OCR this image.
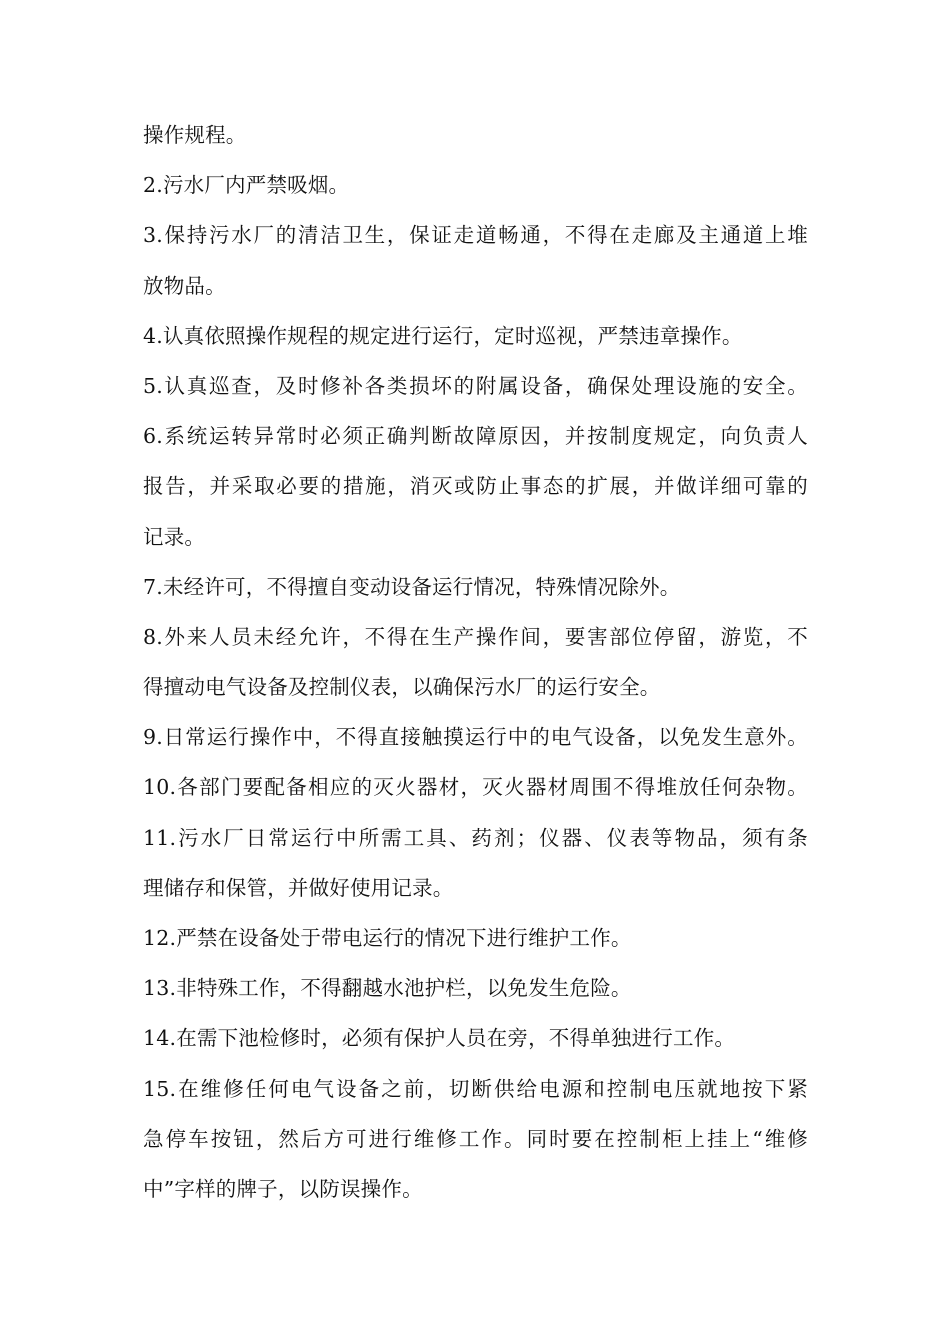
操作规程。
2.污水厂内严禁吸烟。
3.保持污水厂的清洁卫生，保证走道畅通，不得在走廊及主通道上堆
放物品。
4.认真依照操作规程的规定进行运行，定时巡视，严禁违章操作。
5.认真巡查，及时修补各类损坏的附属设备，确保处理设施的安全。
6.系统运转异常时必须正确判断故障原因，并按制度规定，向负责人
报告，并采取必要的措施，消灭或防止事态的扩展，并做详细可靠的
记录。
7.未经许可，不得擅自变动设备运行情况，特殊情况除外。
8.外来人员未经允许，不得在生产操作间，要害部位停留，游览，不
得擅动电气设备及控制仪表，以确保污水厂的运行安全。
9.日常运行操作中，不得直接触摸运行中的电气设备，以免发生意外。
10.各部门要配备相应的灭火器材，灭火器材周围不得堆放任何杂物。
11.污水厂日常运行中所需工具、药剂；仪器、仪表等物品，须有条
理储存和保管，并做好使用记录。
12.严禁在设备处于带电运行的情况下进行维护工作。
13.非特殊工作，不得翻越水池护栏，以免发生危险。
14.在需下池检修时，必须有保护人员在旁，不得单独进行工作。
15.在维修任何电气设备之前，切断供给电源和控制电压就地按下紧
急停车按钮，然后方可进行维修工作。同时要在控制柜上挂上“维修
中”字样的牌子，以防误操作。
